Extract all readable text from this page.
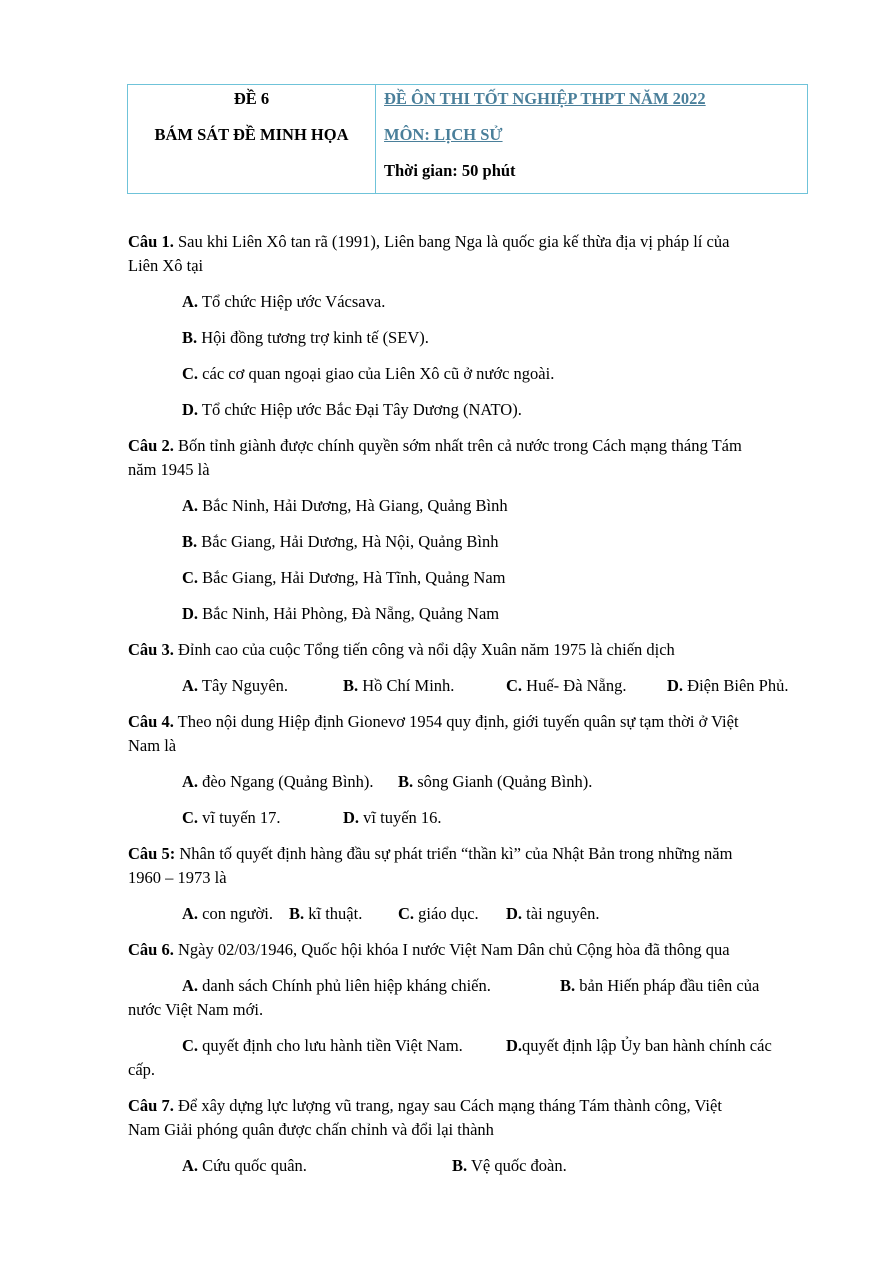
ĐỀ 6
BÁM SÁT ĐỀ MINH HỌA
ĐỀ ÔN THI TỐT NGHIỆP THPT NĂM 2022
MÔN: LỊCH SỬ
Thời gian: 50 phút
Câu 1. Sau khi Liên Xô tan rã (1991), Liên bang Nga là quốc gia kế thừa địa vị pháp lí của
Liên Xô tại
A. Tổ chức Hiệp ước Vácsava.
B. Hội đồng tương trợ kinh tế (SEV).
C. các cơ quan ngoại giao của Liên Xô cũ ở nước ngoài.
D. Tổ chức Hiệp ước Bắc Đại Tây Dương (NATO).
Câu 2. Bốn tỉnh giành được chính quyền sớm nhất trên cả nước trong Cách mạng tháng Tám
năm 1945 là
A. Bắc Ninh, Hải Dương, Hà Giang, Quảng Bình
B. Bắc Giang, Hải Dương, Hà Nội, Quảng Bình
C. Bắc Giang, Hải Dương, Hà Tĩnh, Quảng Nam
D. Bắc Ninh, Hải Phòng, Đà Nẵng, Quảng Nam
Câu 3. Đỉnh cao của cuộc Tổng tiến công và nổi dậy Xuân năm 1975 là chiến dịch
A. Tây Nguyên.	B. Hồ Chí Minh.	C. Huế- Đà Nẵng. D. Điện Biên Phủ.
Câu 4. Theo nội dung Hiệp định Gionevơ 1954 quy định, giới tuyến quân sự tạm thời ở Việt
Nam là
A. đèo Ngang (Quảng Bình). B. sông Gianh (Quảng Bình).
C. vĩ tuyến 17.	D. vĩ tuyến 16.
Câu 5: Nhân tố quyết định hàng đầu sự phát triển “thần kì” của Nhật Bản trong những năm
1960 – 1973 là
A. con người. B. kĩ thuật. C. giáo dục. D. tài nguyên.
Câu 6. Ngày 02/03/1946, Quốc hội khóa I nước Việt Nam Dân chủ Cộng hòa đã thông qua
A. danh sách Chính phủ liên hiệp kháng chiến.	B. bản Hiến pháp đầu tiên của
nước Việt Nam mới.
C. quyết định cho lưu hành tiền Việt Nam.	D.quyết định lập Ủy ban hành chính các
cấp.
Câu 7. Để xây dựng lực lượng vũ trang, ngay sau Cách mạng tháng Tám thành công, Việt
Nam Giải phóng quân được chấn chỉnh và đổi lại thành
A. Cứu quốc quân.	B. Vệ quốc đoàn.
